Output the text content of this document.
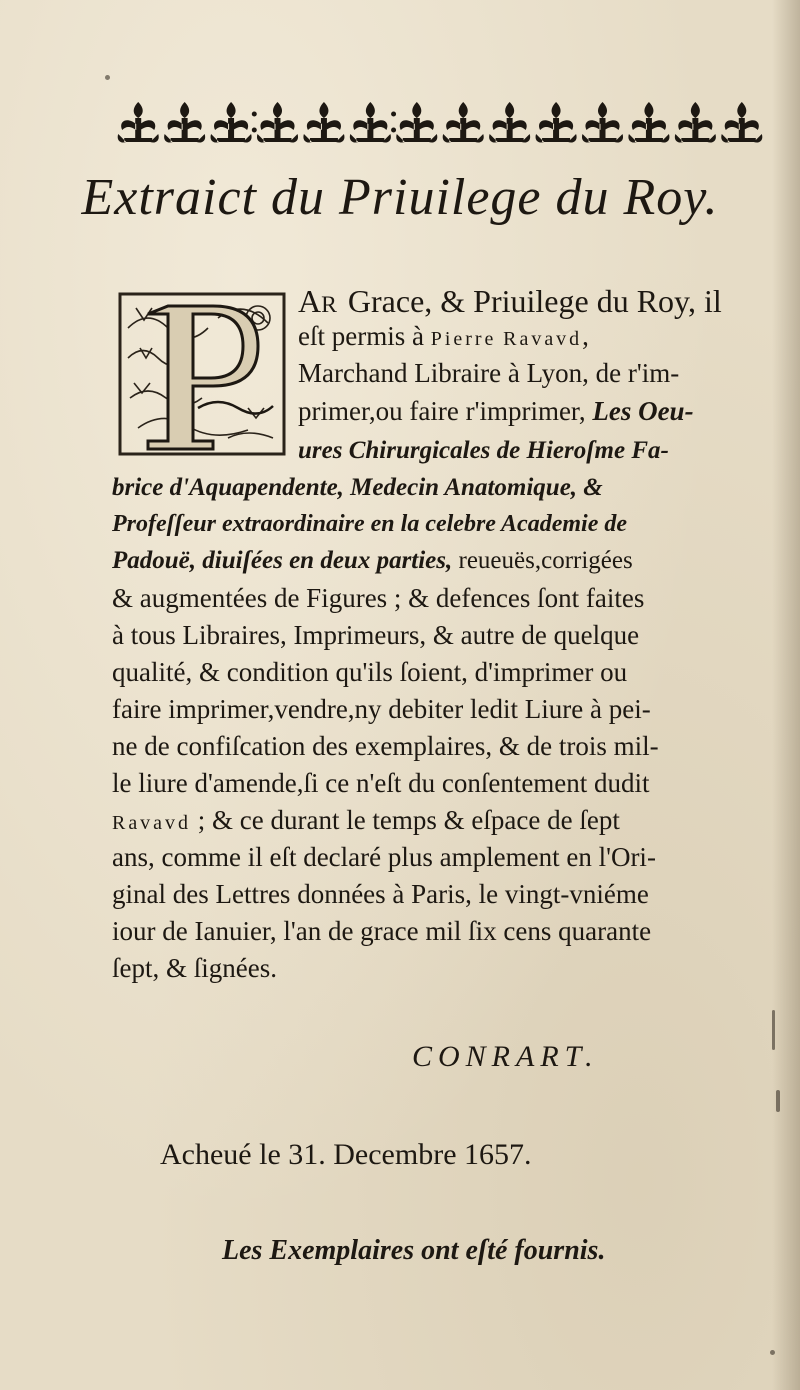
Extraict du Priuilege du Roy.
AR Grace, & Priuilege du Roy, il
eſt permis à Pierre Ravavd,
Marchand Libraire à Lyon, de r'im-
primer,ou faire r'imprimer, Les Oeu-
ures Chirurgicales de Hieroſme Fa-
brice d'Aquapendente, Medecin Anatomique, &
Profeſſeur extraordinaire en la celebre Academie de
Padouë, diuiſées en deux parties, reueuës,corrigées
& augmentées de Figures ; & defences ſont faites
à tous Libraires, Imprimeurs, & autre de quelque
qualité, & condition qu'ils ſoient, d'imprimer ou
faire imprimer,vendre,ny debiter ledit Liure à pei-
ne de confiſcation des exemplaires, & de trois mil-
le liure d'amende,ſi ce n'eſt du conſentement dudit
Ravavd ; & ce durant le temps & eſpace de ſept
ans, comme il eſt declaré plus amplement en l'Ori-
ginal des Lettres données à Paris, le vingt-vniéme
iour de Ianuier, l'an de grace mil ſix cens quarante
ſept, & ſignées.
CONRART.
Acheué le 31. Decembre 1657.
Les Exemplaires ont eſté fournis.
